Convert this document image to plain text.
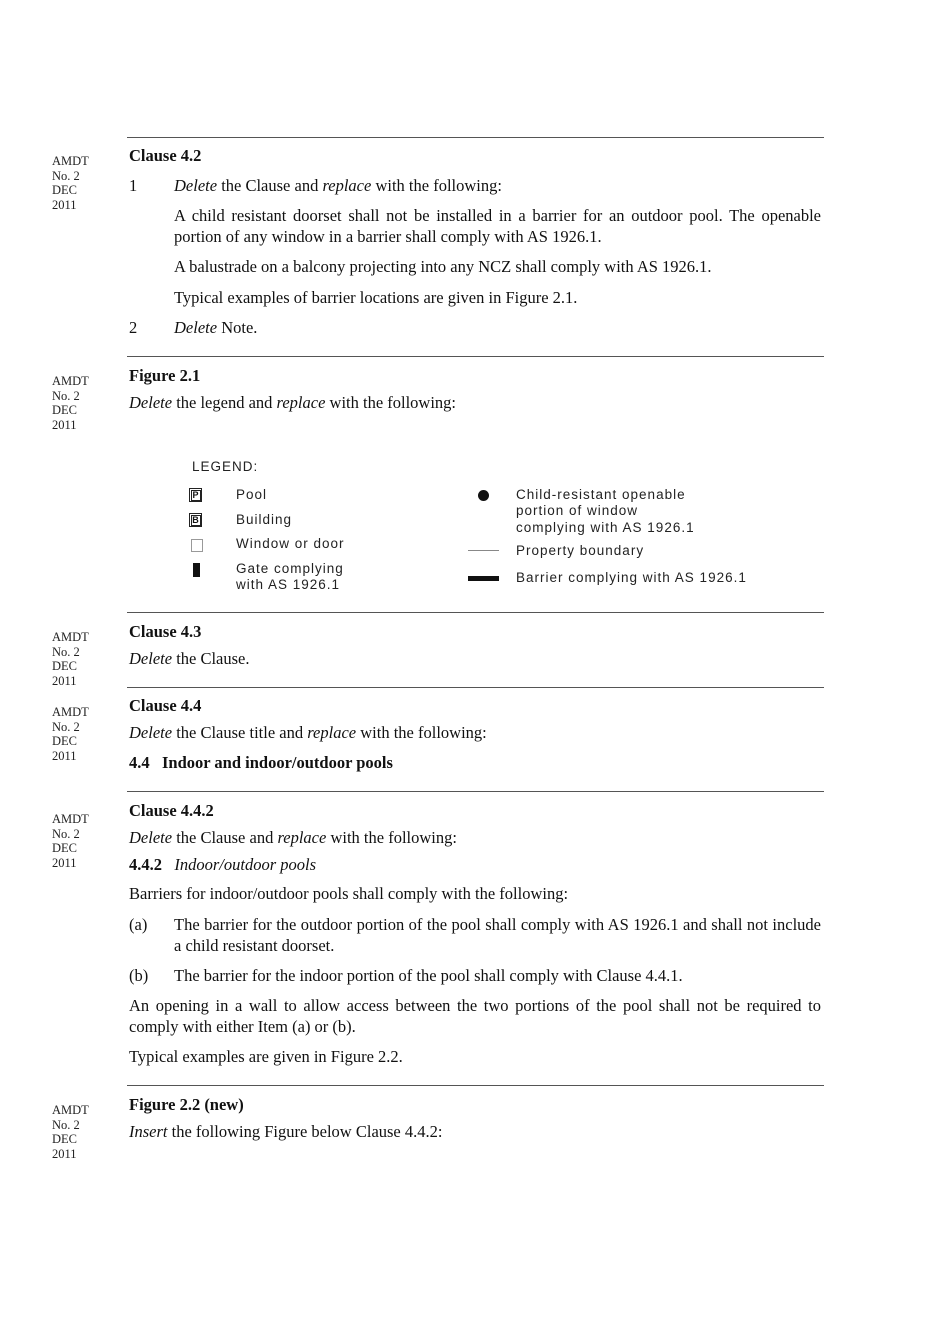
AMDT
No. 2
DEC
2011
AMDT
No. 2
DEC
2011
AMDT
No. 2
DEC
2011
AMDT
No. 2
DEC
2011
AMDT
No. 2
DEC
2011
AMDT
No. 2
DEC
2011
Clause 4.2
1 Delete the Clause and replace with the following:
A child resistant doorset shall not be installed in a barrier for an outdoor pool. The openable portion of any window in a barrier shall comply with AS 1926.1.
A balustrade on a balcony projecting into any NCZ shall comply with AS 1926.1.
Typical examples of barrier locations are given in Figure 2.1.
2 Delete Note.
Figure 2.1
Delete the legend and replace with the following:
LEGEND:
P	Pool
B	Building
Window or door
Gate complying
with AS 1926.1
Child-resistant openable
portion of window
complying with AS 1926.1
Property boundary
Barrier complying with AS 1926.1
Clause 4.3
Delete the Clause.
Clause 4.4
Delete the Clause title and replace with the following:
4.4   Indoor and indoor/outdoor pools
Clause 4.4.2
Delete the Clause and replace with the following:
4.4.2 Indoor/outdoor pools
Barriers for indoor/outdoor pools shall comply with the following:
(a) The barrier for the outdoor portion of the pool shall comply with AS 1926.1 and shall not include a child resistant doorset.
(b) The barrier for the indoor portion of the pool shall comply with Clause 4.4.1.
An opening in a wall to allow access between the two portions of the pool shall not be required to comply with either Item (a) or (b).
Typical examples are given in Figure 2.2.
Figure 2.2 (new)
Insert the following Figure below Clause 4.4.2:
